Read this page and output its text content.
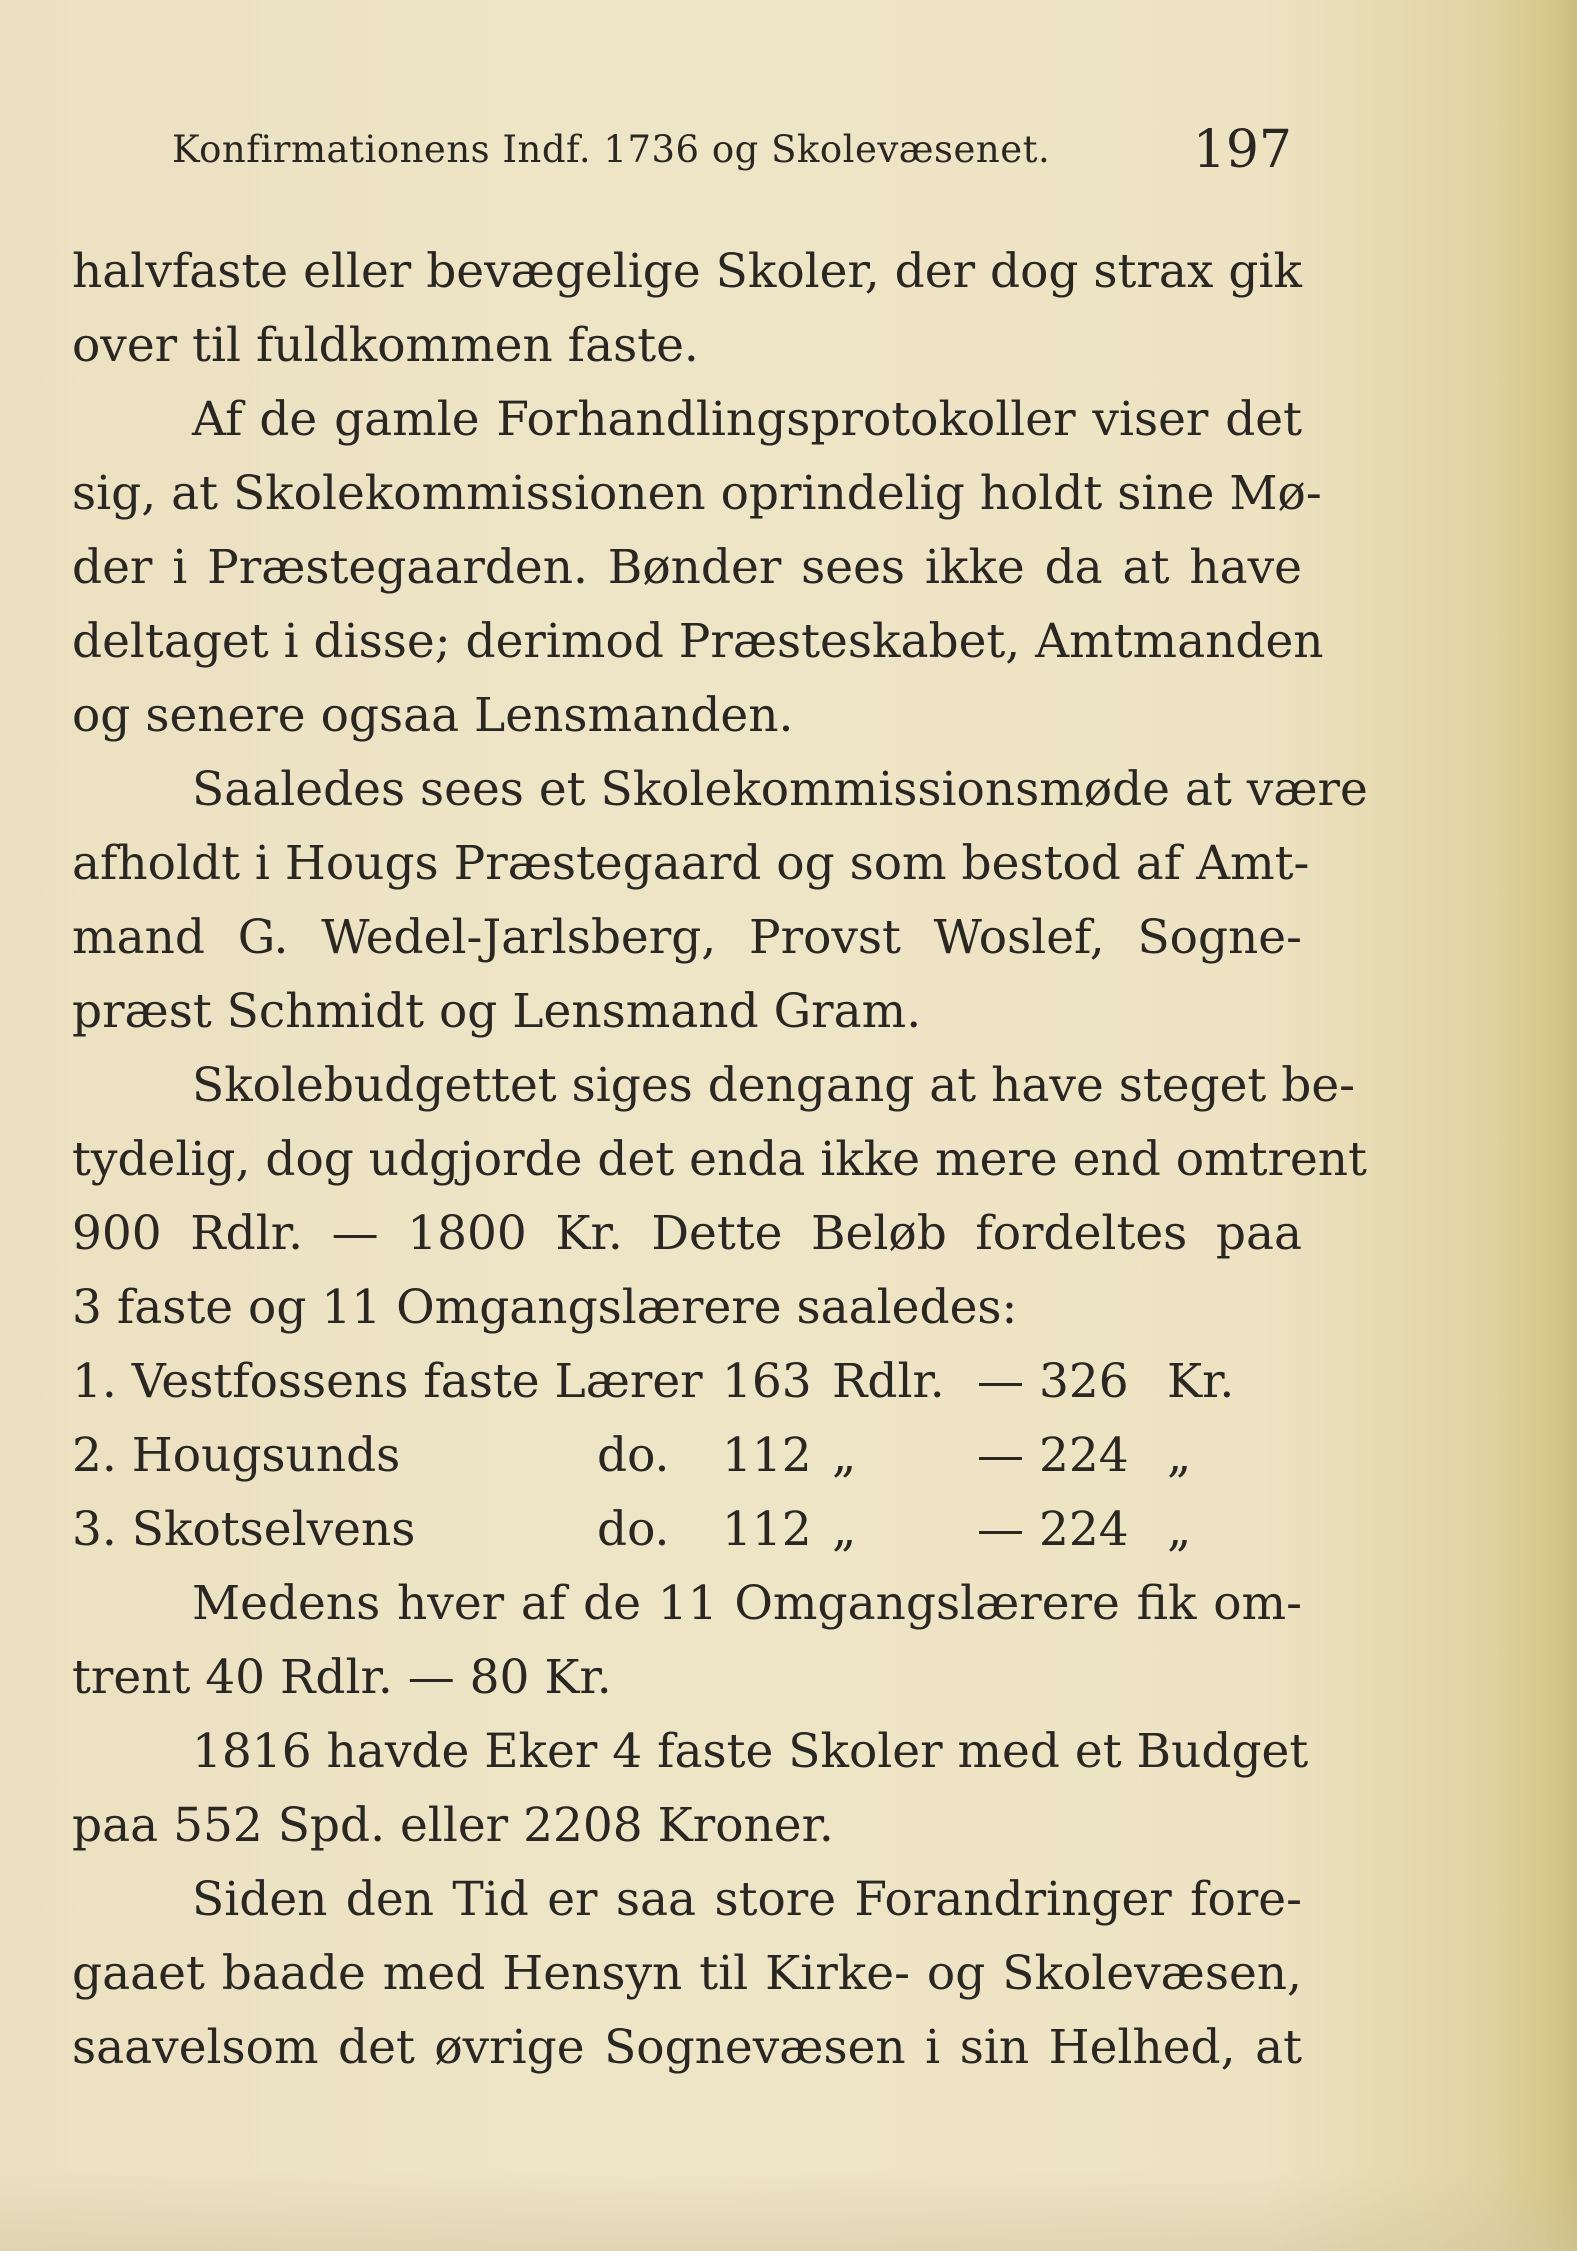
Konfirmationens Indf. 1736 og Skolevæsenet.	197
halvfaste eller bevægelige Skoler, der dog strax gik
over til fuldkommen faste.
Af de gamle Forhandlingsprotokoller viser det
sig, at Skolekommissionen oprindelig holdt sine Mø-
der i Præstegaarden. Bønder sees ikke da at have
deltaget i disse; derimod Præsteskabet, Amtmanden
og senere ogsaa Lensmanden.
Saaledes sees et Skolekommissionsmøde at være
afholdt i Hougs Præstegaard og som bestod af Amt-
mand G. Wedel-Jarlsberg, Provst Woslef, Sogne-
præst Schmidt og Lensmand Gram.
Skolebudgettet siges dengang at have steget be-
tydelig, dog udgjorde det enda ikke mere end omtrent
900 Rdlr. — 1800 Kr. Dette Beløb fordeltes paa
3 faste og 11 Omgangslærere saaledes:
1. Vestfossens faste Lærer 163 Rdlr. — 326 Kr.
2. Hougsunds	do. 112 „	— 224 „
3. Skotselvens	do. 112 „	— 224 „
Medens hver af de 11 Omgangslærere fik om-
trent 40 Rdlr. — 80 Kr.
1816 havde Eker 4 faste Skoler med et Budget
paa 552 Spd. eller 2208 Kroner.
Siden den Tid er saa store Forandringer fore-
gaaet baade med Hensyn til Kirke- og Skolevæsen,
saavelsom det øvrige Sognevæsen i sin Helhed, at
